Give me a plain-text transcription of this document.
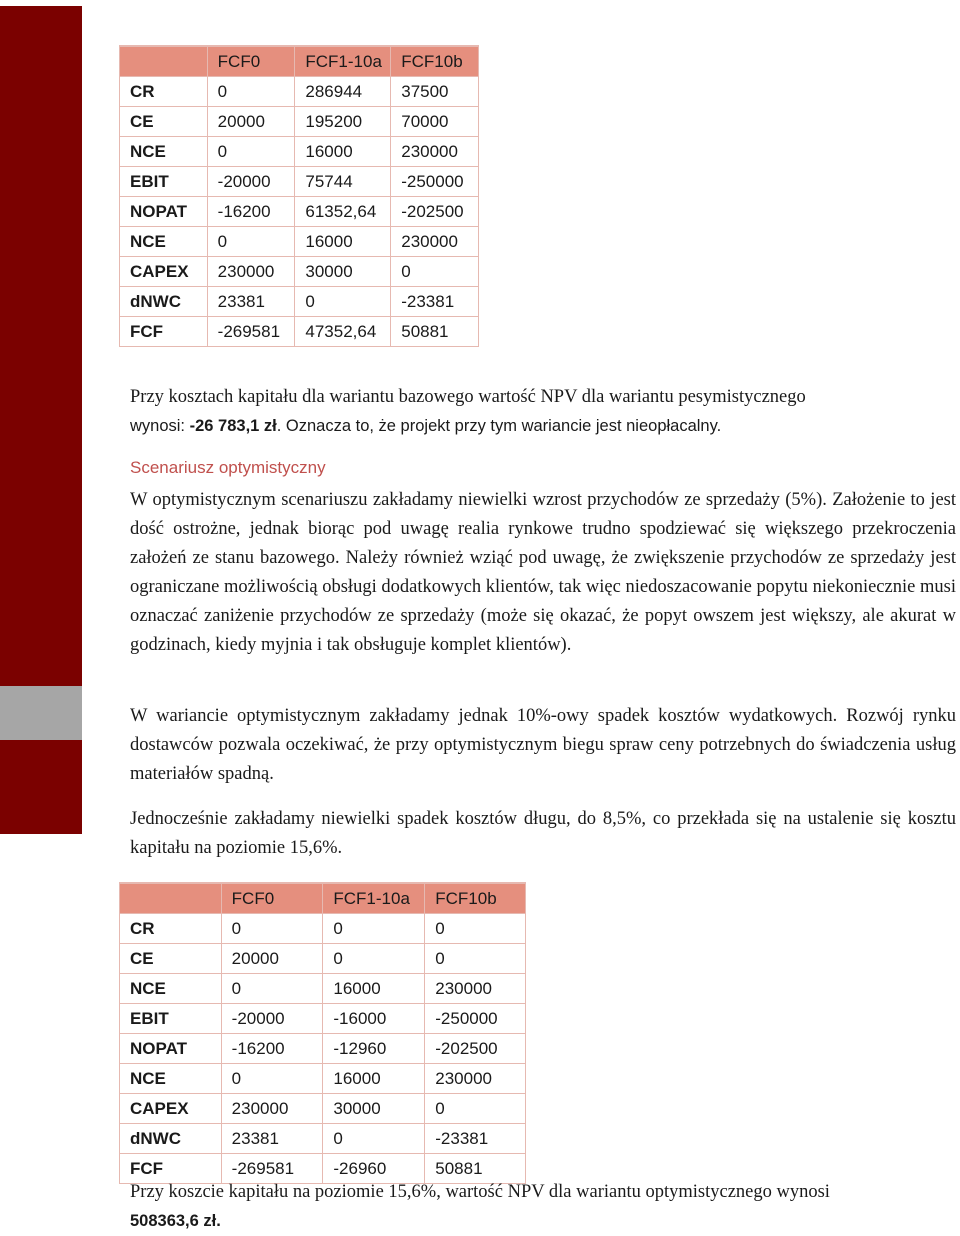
	FCF0	FCF1-10a	FCF10b
CR	0	286944	37500
CE	20000	195200	70000
NCE	0	16000	230000
EBIT	-20000	75744	-250000
NOPAT	-16200	61352,64	-202500
NCE	0	16000	230000
CAPEX	230000	30000	0
dNWC	23381	0	-23381
FCF	-269581	47352,64	50881
Przy kosztach kapitału dla wariantu bazowego wartość NPV dla wariantu pesymistycznego
wynosi: -26 783,1 zł. Oznacza to, że projekt przy tym wariancie jest nieopłacalny.
Scenariusz optymistyczny
W optymistycznym scenariuszu zakładamy niewielki wzrost przychodów ze sprzedaży (5%). Założenie to jest dość ostrożne, jednak biorąc pod uwagę realia rynkowe trudno spodziewać się większego przekroczenia założeń ze stanu bazowego. Należy również wziąć pod uwagę, że zwiększenie przychodów ze sprzedaży jest ograniczane możliwością obsługi dodatkowych klientów, tak więc niedoszacowanie popytu niekoniecznie musi oznaczać zaniżenie przychodów ze sprzedaży (może się okazać, że popyt owszem jest większy, ale akurat w godzinach, kiedy myjnia i tak obsługuje komplet klientów).
W wariancie optymistycznym zakładamy jednak 10%-owy spadek kosztów wydatkowych. Rozwój rynku dostawców pozwala oczekiwać, że przy optymistycznym biegu spraw ceny potrzebnych do świadczenia usług materiałów spadną.
Jednocześnie zakładamy niewielki spadek kosztów długu, do 8,5%, co przekłada się na ustalenie się kosztu kapitału na poziomie 15,6%.
	FCF0	FCF1-10a	FCF10b
CR	0	0	0
CE	20000	0	0
NCE	0	16000	230000
EBIT	-20000	-16000	-250000
NOPAT	-16200	-12960	-202500
NCE	0	16000	230000
CAPEX	230000	30000	0
dNWC	23381	0	-23381
FCF	-269581	-26960	50881
Przy koszcie kapitału na poziomie 15,6%, wartość NPV dla wariantu optymistycznego wynosi
508363,6 zł.
